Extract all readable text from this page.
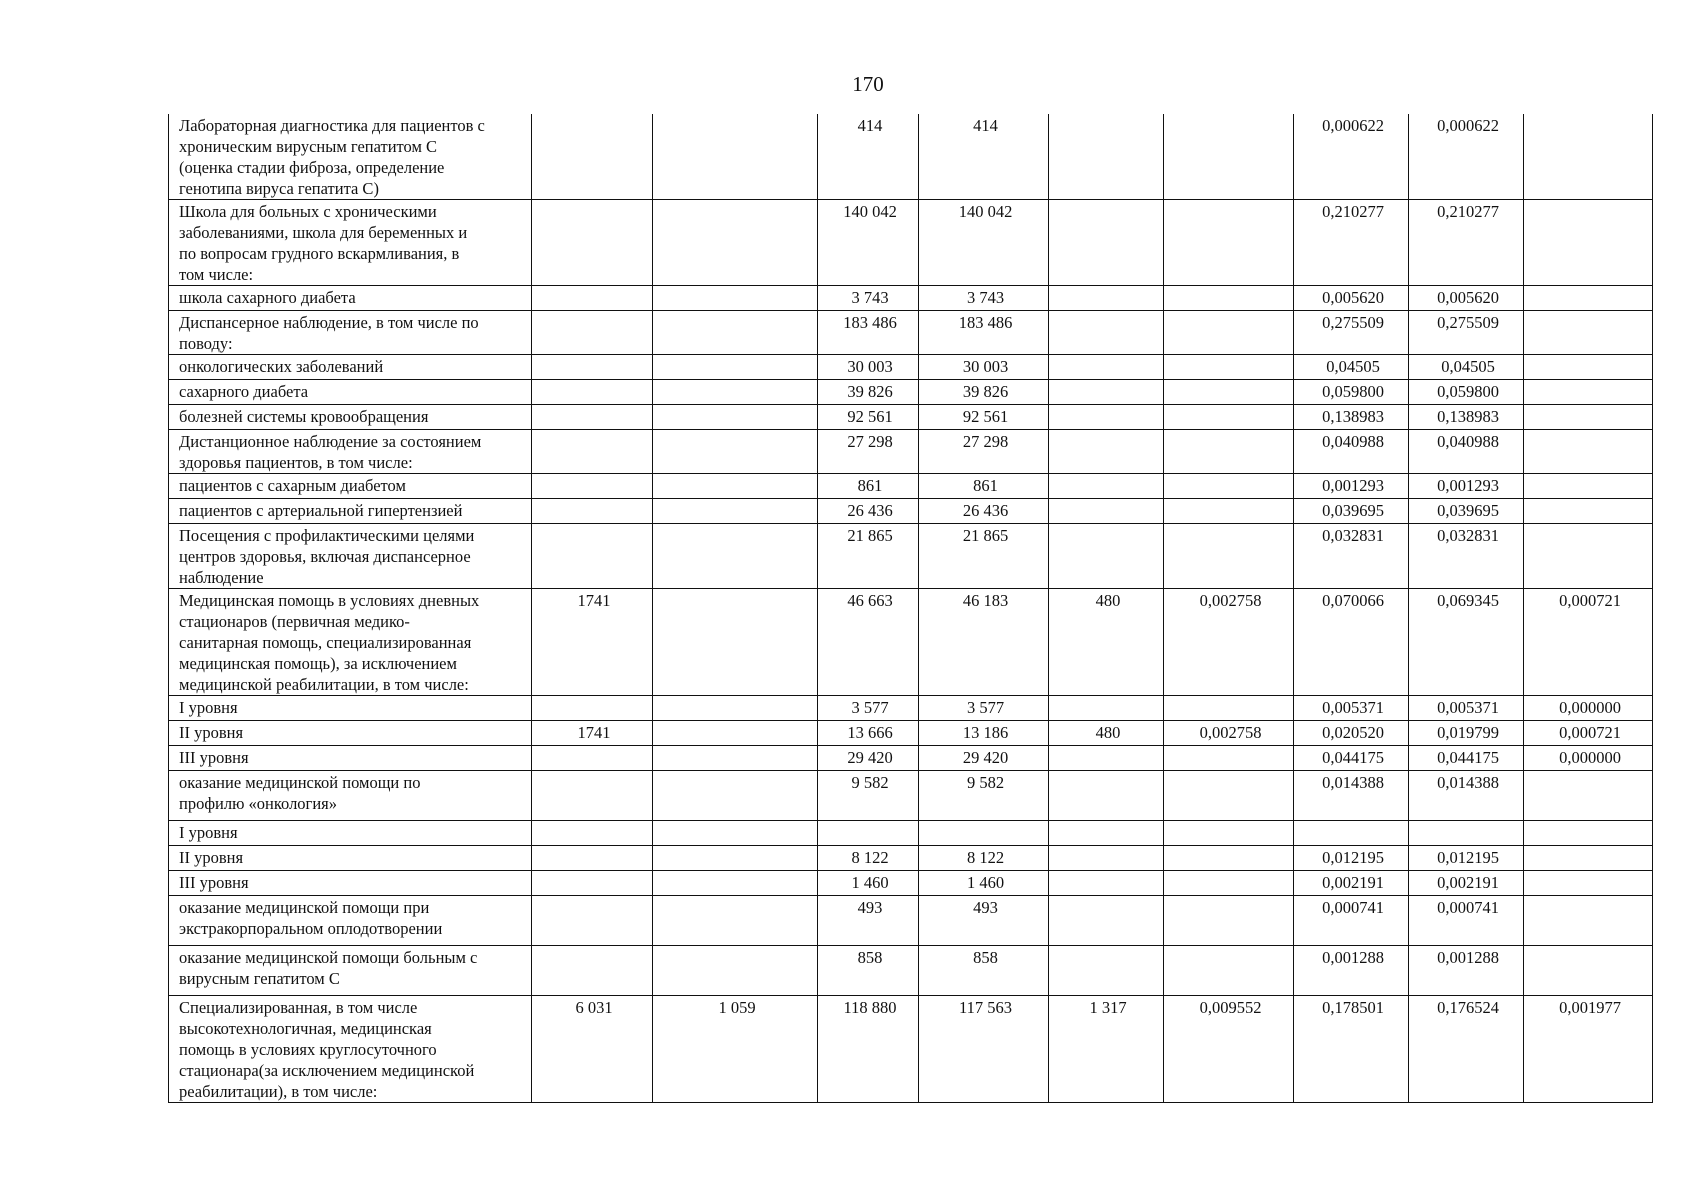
170
Лабораторная диагностика для пациентов с
хроническим вирусным гепатитом С
(оценка стадии фиброза, определение
генотипа вируса гепатита С)			414	414			0,000622	0,000622	
Школа для больных с хроническими
заболеваниями, школа для беременных и
по вопросам грудного вскармливания, в
том числе:			140 042	140 042			0,210277	0,210277	
школа сахарного диабета			3 743	3 743			0,005620	0,005620	
Диспансерное наблюдение, в том числе по
поводу:			183 486	183 486			0,275509	0,275509	
онкологических заболеваний			30 003	30 003			0,04505	0,04505	
сахарного диабета			39 826	39 826			0,059800	0,059800	
болезней системы кровообращения			92 561	92 561			0,138983	0,138983	
Дистанционное наблюдение за состоянием
здоровья пациентов, в том числе:			27 298	27 298			0,040988	0,040988	
пациентов с сахарным диабетом			861	861			0,001293	0,001293	
пациентов с артериальной гипертензией			26 436	26 436			0,039695	0,039695	
Посещения с профилактическими целями
центров здоровья, включая диспансерное
наблюдение			21 865	21 865			0,032831	0,032831	
Медицинская помощь в условиях дневных
стационаров (первичная медико-
санитарная помощь, специализированная
медицинская помощь), за исключением
медицинской реабилитации, в том числе:	1741		46 663	46 183	480	0,002758	0,070066	0,069345	0,000721
I уровня			3 577	3 577			0,005371	0,005371	0,000000
II уровня	1741		13 666	13 186	480	0,002758	0,020520	0,019799	0,000721
III уровня			29 420	29 420			0,044175	0,044175	0,000000
оказание медицинской помощи по
профилю «онкология»			9 582	9 582			0,014388	0,014388	
I уровня									
II уровня			8 122	8 122			0,012195	0,012195	
III уровня			1 460	1 460			0,002191	0,002191	
оказание медицинской помощи при
экстракорпоральном оплодотворении			493	493			0,000741	0,000741	
оказание медицинской помощи больным с
вирусным гепатитом С			858	858			0,001288	0,001288	
Специализированная, в том числе
высокотехнологичная, медицинская
помощь в условиях круглосуточного
стационара(за исключением медицинской
реабилитации), в том числе:	6 031	1 059	118 880	117 563	1 317	0,009552	0,178501	0,176524	0,001977
